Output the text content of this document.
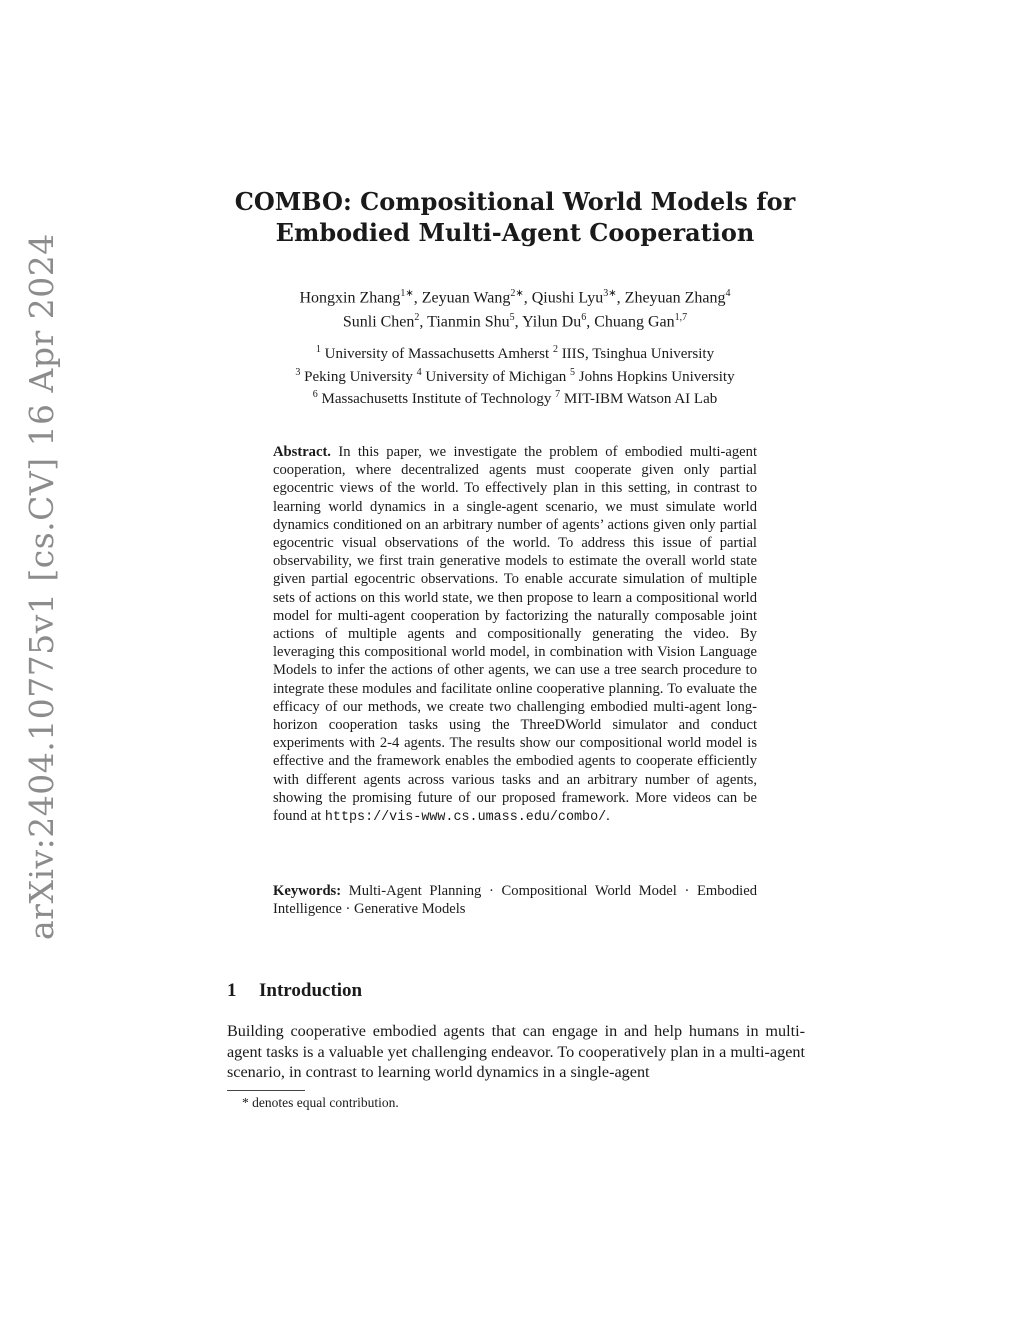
arXiv:2404.10775v1 [cs.CV] 16 Apr 2024
COMBO: Compositional World Models for
Embodied Multi-Agent Cooperation
Hongxin Zhang$^{1∗}$, Zeyuan Wang$^{2∗}$, Qiushi Lyu$^{3∗}$, Zheyuan Zhang$^4$
Sunli Chen$^2$, Tianmin Shu$^5$, Yilun Du$^6$, Chuang Gan$^{1,7}$
$^1$ University of Massachusetts Amherst $^2$ IIIS, Tsinghua University
$^3$ Peking University $^4$ University of Michigan $^5$ Johns Hopkins University
$^6$ Massachusetts Institute of Technology $^7$ MIT-IBM Watson AI Lab
Abstract. In this paper, we investigate the problem of embodied multi-agent cooperation, where decentralized agents must cooperate given only partial egocentric views of the world. To effectively plan in this setting, in contrast to learning world dynamics in a single-agent scenario, we must simulate world dynamics conditioned on an arbitrary number of agents’ actions given only partial egocentric visual observations of the world. To address this issue of partial observability, we first train generative models to estimate the overall world state given partial egocentric observations. To enable accurate simulation of multiple sets of actions on this world state, we then propose to learn a compositional world model for multi-agent cooperation by factorizing the naturally composable joint actions of multiple agents and compositionally generating the video. By leveraging this compositional world model, in combination with Vision Language Models to infer the actions of other agents, we can use a tree search procedure to integrate these modules and facilitate online cooperative planning. To evaluate the efficacy of our methods, we create two challenging embodied multi-agent long-horizon cooperation tasks using the ThreeDWorld simulator and conduct experiments with 2-4 agents. The results show our compositional world model is effective and the framework enables the embodied agents to cooperate efficiently with different agents across various tasks and an arbitrary number of agents, showing the promising future of our proposed framework. More videos can be found at https://vis-www.cs.umass.edu/combo/.
Keywords: Multi-Agent Planning · Compositional World Model · Embodied Intelligence · Generative Models
1 Introduction
Building cooperative embodied agents that can engage in and help humans in multi-agent tasks is a valuable yet challenging endeavor. To cooperatively plan in a multi-agent scenario, in contrast to learning world dynamics in a single-agent
* denotes equal contribution.
